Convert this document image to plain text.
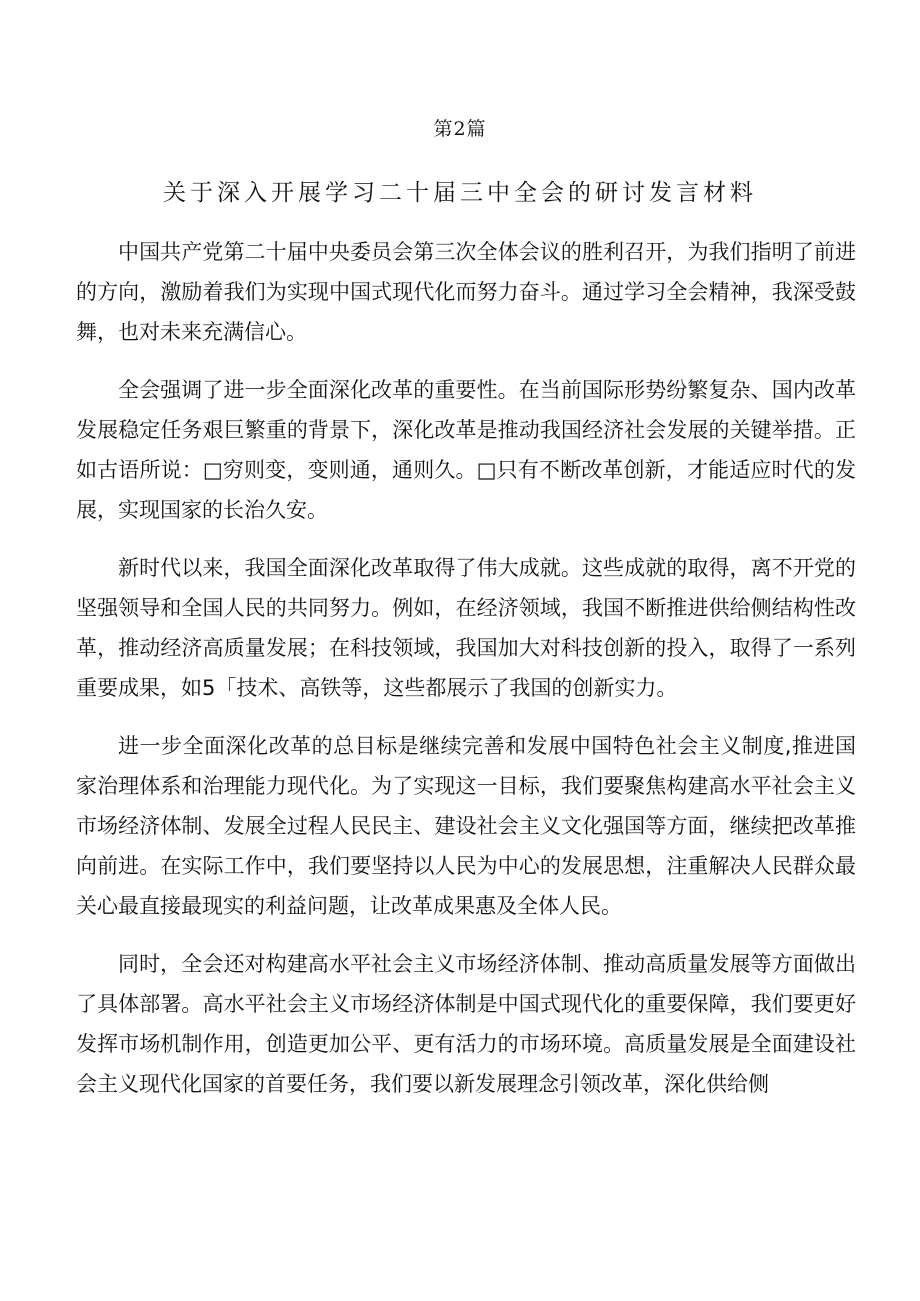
第2篇
关于深入开展学习二十届三中全会的研讨发言材料

中国共产党第二十届中央委员会第三次全体会议的胜利召开，为我们指明了前进的方向，激励着我们为实现中国式现代化而努力奋斗。通过学习全会精神，我深受鼓舞，也对未来充满信心。

全会强调了进一步全面深化改革的重要性。在当前国际形势纷繁复杂、国内改革发展稳定任务艰巨繁重的背景下，深化改革是推动我国经济社会发展的关键举措。正如古语所说：□穷则变，变则通，通则久。□只有不断改革创新，才能适应时代的发展，实现国家的长治久安。

新时代以来，我国全面深化改革取得了伟大成就。这些成就的取得，离不开党的坚强领导和全国人民的共同努力。例如，在经济领域，我国不断推进供给侧结构性改革，推动经济高质量发展；在科技领域，我国加大对科技创新的投入，取得了一系列重要成果，如5「技术、高铁等，这些都展示了我国的创新实力。

进一步全面深化改革的总目标是继续完善和发展中国特色社会主义制度,推进国家治理体系和治理能力现代化。为了实现这一目标，我们要聚焦构建高水平社会主义市场经济体制、发展全过程人民民主、建设社会主义文化强国等方面，继续把改革推向前进。在实际工作中，我们要坚持以人民为中心的发展思想，注重解决人民群众最关心最直接最现实的利益问题，让改革成果惠及全体人民。

同时，全会还对构建高水平社会主义市场经济体制、推动高质量发展等方面做出了具体部署。高水平社会主义市场经济体制是中国式现代化的重要保障，我们要更好发挥市场机制作用，创造更加公平、更有活力的市场环境。高质量发展是全面建设社会主义现代化国家的首要任务，我们要以新发展理念引领改革，深化供给侧
